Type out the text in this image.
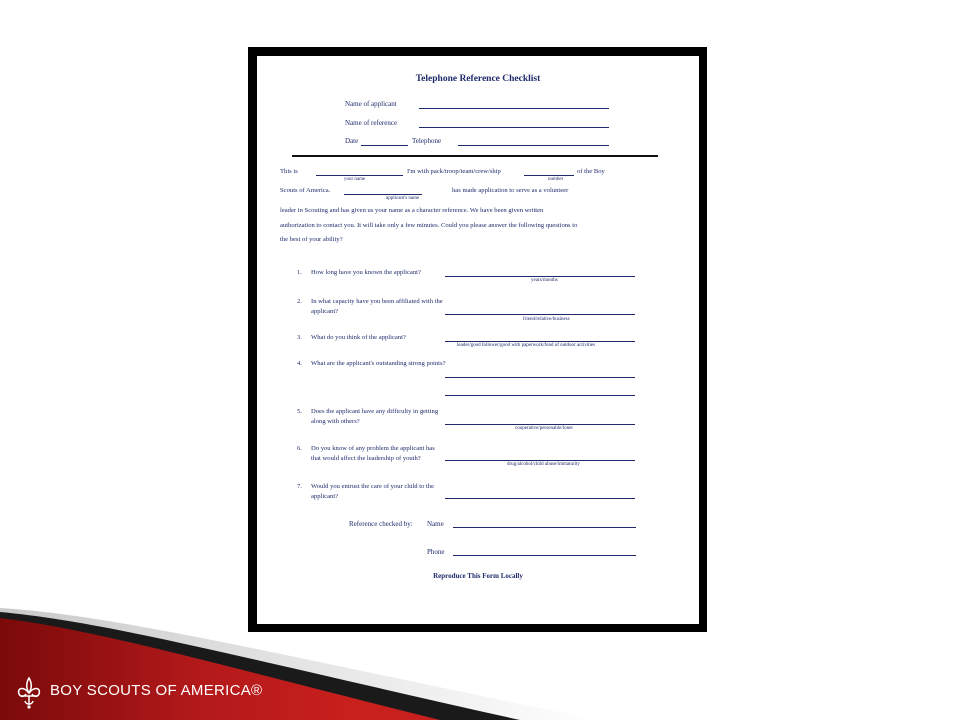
Telephone Reference Checklist
Name of applicant
Name of reference
Date	Telephone
This is
your name
I'm with pack/troop/team/crew/ship
number
of the Boy
Scouts of America.
applicant's name
has made application to serve as a volunteer
leader in Scouting and has given us your name as a character reference. We have been given written
authorization to contact you. It will take only a few minutes. Could you please answer the following questions to
the best of your ability?
1. How long have you known the applicant?
years/months
2. In what capacity have you been affiliated with the applicant?
friend/relative/business
3. What do you think of the applicant?
leader/good follower/good with paperwork/fond of outdoor activities
4. What are the applicant's outstanding strong points?
5. Does the applicant have any difficulty in getting along with others?
cooperative/personable/loner
6. Do you know of any problem the applicant has that would affect the leadership of youth?
drug/alcohol/child abuse/immaturity
7. Would you entrust the care of your child to the applicant?
Reference checked by: Name
Phone
Reproduce This Form Locally
BOY SCOUTS OF AMERICA®
